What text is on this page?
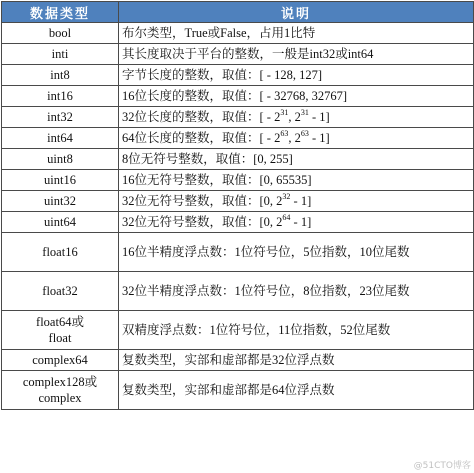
数据类型	说明
bool	布尔类型，True或False，占用1比特
inti	其长度取决于平台的整数，一般是int32或int64
int8	字节长度的整数，取值：[ - 128, 127]
int16	16位长度的整数，取值：[ - 32768, 32767]
int32	32位长度的整数，取值：[ - $2^{31}$, $2^{31} - 1$]
int64	64位长度的整数，取值：[ - $2^{63}$, $2^{63} - 1$]
uint8	8位无符号整数，取值：[0, 255]
uint16	16位无符号整数，取值：[0, 65535]
uint32	32位无符号整数，取值：[0, $2^{32} - 1$]
uint64	32位无符号整数，取值：[0, $2^{64} - 1$]
float16	16位半精度浮点数：1位符号位，5位指数，10位尾数
float32	32位半精度浮点数：1位符号位，8位指数，23位尾数
float64或
float	双精度浮点数：1位符号位，11位指数，52位尾数
complex64	复数类型，实部和虚部都是32位浮点数
complex128或
complex	复数类型，实部和虚部都是64位浮点数
@51CTO博客
